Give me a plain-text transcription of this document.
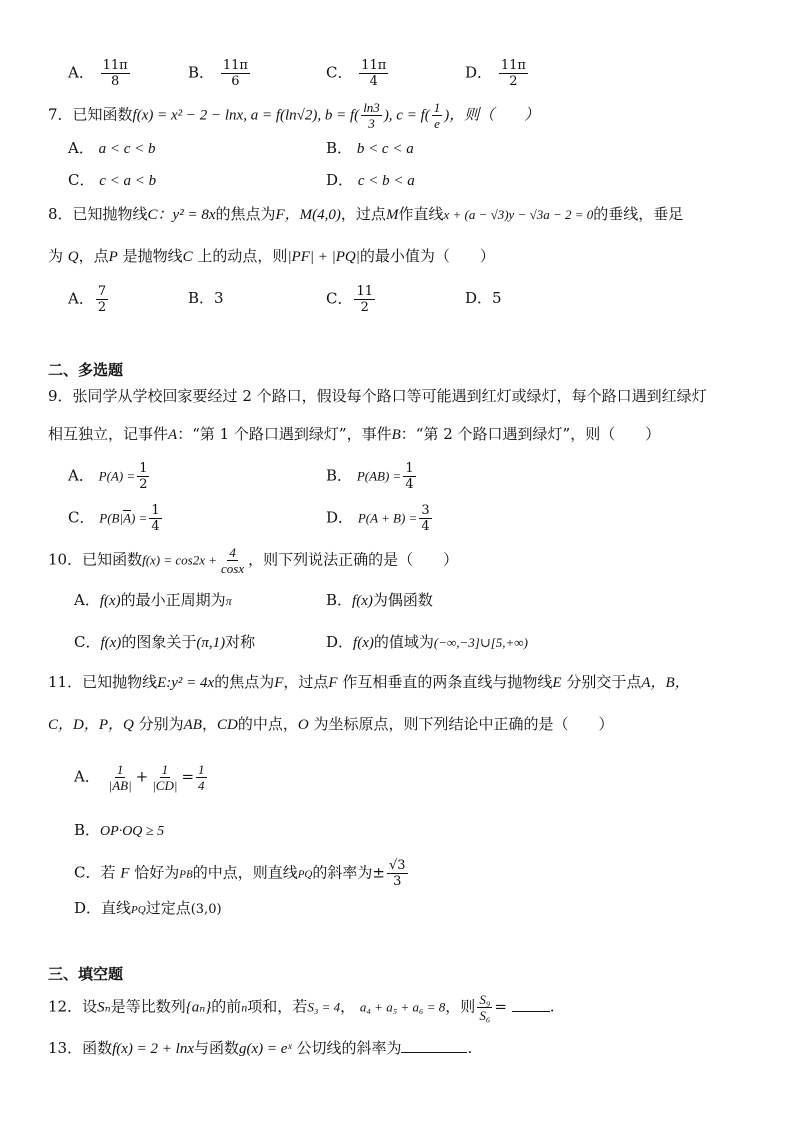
A． $\frac{11\pi}{8}$	B． $\frac{11\pi}{6}$	C． $\frac{11\pi}{4}$	D． $\frac{11\pi}{2}$
7．已知函数f(x) = x² − 2 − lnx, a = f(ln√2), $b = f( \frac{\ln 3}{3}$ ), $c = f( \frac{1}{e}$ )，则（　　）
A． a < c < b	B． b < c < a
C． c < a < b	D． c < b < a
8．已知抛物线C：y² = 8x的焦点为F，M(4,0)，过点M作直线x + (a − √3)y − √3a − 2 = 0的垂线，垂足
为 Q，点P 是抛物线C 上的动点，则|PF| + |PQ|的最小值为（　　）
A． $\frac{7}{2}$	B．3	C． $\frac{11}{2}$	D．5
二、多选题
9．张同学从学校回家要经过 2 个路口，假设每个路口等可能遇到红灯或绿灯，每个路口遇到红绿灯
相互独立，记事件A：“第 1 个路口遇到绿灯”，事件B：“第 2 个路口遇到绿灯”，则（　　）
A． $P(A) = \frac{1}{2}$	B． $P(AB) = \frac{1}{4}$
C． $P(B|\overline{A}) = \frac{1}{4}$	D． $P(A + B) = \frac{3}{4}$
10．已知函数$f(x) = \cos 2x + \frac{4}{\cos x}$ ，则下列说法正确的是（　　）
A．f(x)的最小正周期为π	B．f(x)为偶函数
C．f(x)的图象关于(π,1)对称	D．f(x)的值域为(−∞,−3]∪[5,+∞)
11．已知抛物线E:y² = 4x的焦点为F，过点F 作互相垂直的两条直线与抛物线E 分别交于点A，B，
C，D，P，Q 分别为AB，CD的中点，O 为坐标原点，则下列结论中正确的是（　　）
A． $\frac{1}{|AB|} + \frac{1}{|CD|} = \frac{1}{4}$
B．OP·OQ ≥ 5
C．若 F 恰好为PB的中点，则直线PQ的斜率为± $\frac{√3}{3}$
D．直线PQ过定点(3,0)
三、填空题
12．设Sₙ是等比数列{aₙ}的前n项和，若S₃ = 4， a₄ + a₅ + a₆ = 8，则 $\frac{\text{S₉}}{\text{S₆}}$ =	.
13．函数f(x) = 2 + lnx与函数g(x) = eˣ 公切线的斜率为	.
